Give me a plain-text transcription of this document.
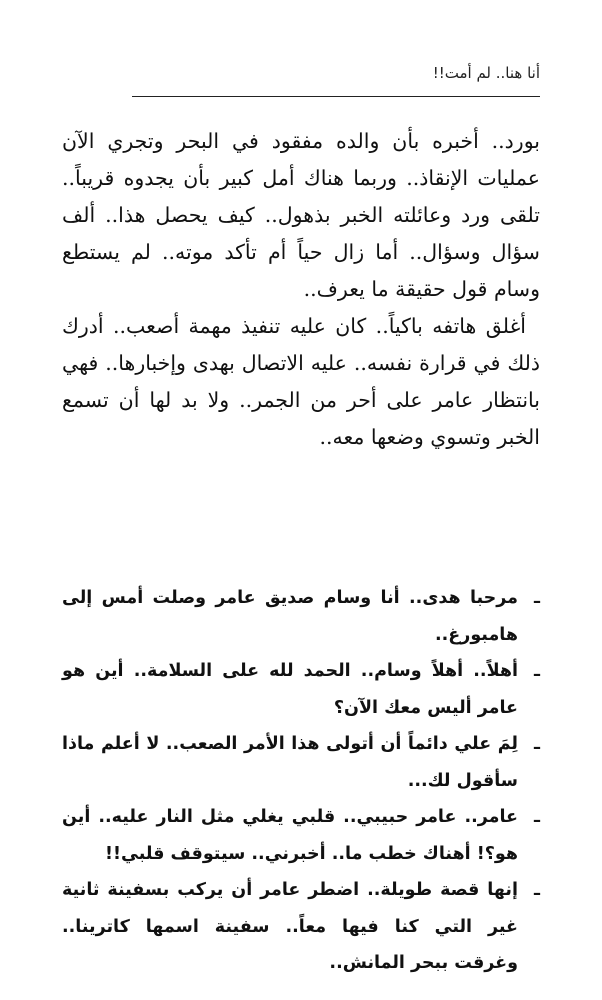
أنا هنا.. لم أمت!!

بورد.. أخبره بأن والده مفقود في البحر وتجري الآن عمليات الإنقاذ.. وربما هناك أمل كبير بأن يجدوه قريباً.. تلقى ورد وعائلته الخبر بذهول.. كيف يحصل هذا.. ألف سؤال وسؤال.. أما زال حياً أم تأكد موته.. لم يستطع وسام قول حقيقة ما يعرف..

أغلق هاتفه باكياً.. كان عليه تنفيذ مهمة أصعب.. أدرك ذلك في قرارة نفسه.. عليه الاتصال بهدى وإخبارها.. فهي بانتظار عامر على أحر من الجمر.. ولا بد لها أن تسمع الخبر وتسوي وضعها معه..

ـمرحبا هدى.. أنا وسام صديق عامر وصلت أمس إلى هامبورغ..

ـأهلاً.. أهلاً وسام.. الحمد لله على السلامة.. أين هو عامر أليس معك الآن؟

ـلِمَ علي دائماً أن أتولى هذا الأمر الصعب.. لا أعلم ماذا سأقول لك...

ـعامر.. عامر حبيبي.. قلبي يغلي مثل النار عليه.. أين هو؟! أهناك خطب ما.. أخبرني.. سيتوقف قلبي!!

ـإنها قصة طويلة.. اضطر عامر أن يركب بسفينة ثانية غير التي كنا فيها معاً.. سفينة اسمها كاترينا.. وغرقت ببحر المانش..
